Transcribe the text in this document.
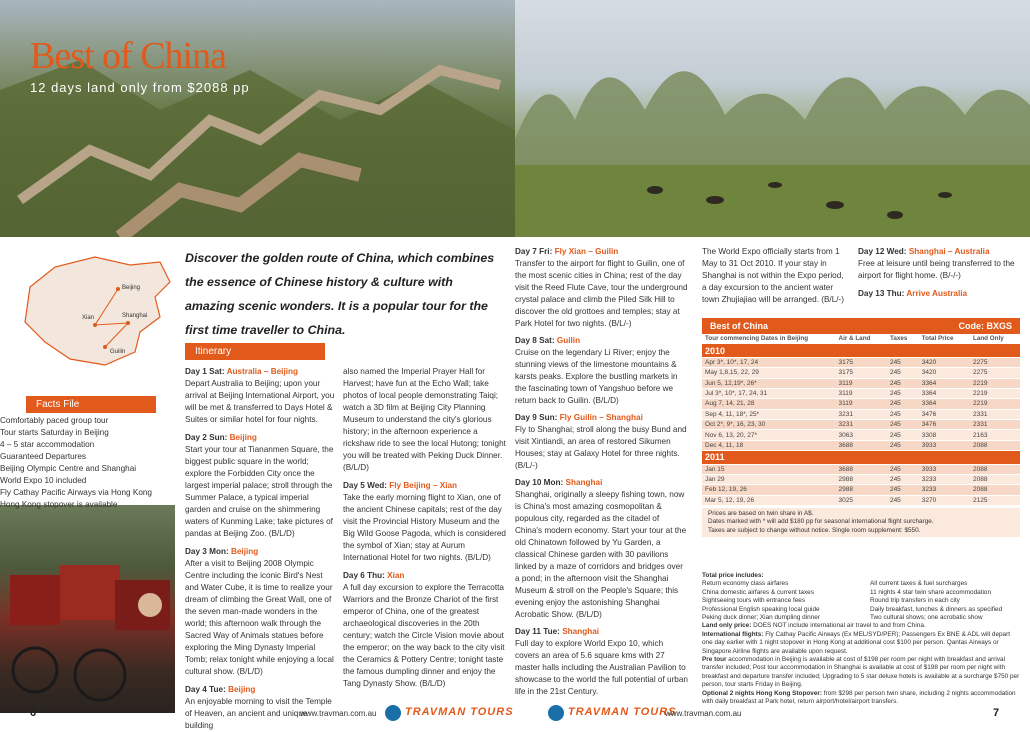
Best of China
12 days land only from $2088 pp
Beijing
Xian	Shanghai
Guilin
Discover the golden route of China, which combines the essence of Chinese history & culture with amazing scenic wonders. It is a popular tour for the first time traveller to China.
Facts File
Comfortably paced group tour
Tour starts Saturday in Beijing
4 – 5 star accommodation
Guaranteed Departures
Beijing Olympic Centre and Shanghai
World Expo 10 included
Fly Cathay Pacific Airways via Hong Kong
Hong Kong stopover is available
Itinerary
Day 1 Sat: Australia – Beijing
Depart Australia to Beijing; upon your arrival at Beijing International Airport, you will be met & transferred to Days Hotel & Suites or similar hotel for four nights.
Day 2 Sun: Beijing
Start your tour at Tiananmen Square, the biggest public square in the world; explore the Forbidden City once the largest imperial palace; stroll through the Summer Palace, a typical imperial garden and cruise on the shimmering waters of Kunming Lake; take pictures of pandas at Beijing Zoo. (B/L/D)
Day 3 Mon: Beijing
After a visit to Beijing 2008 Olympic Centre including the iconic Bird's Nest and Water Cube, it is time to realize your dream of climbing the Great Wall, one of the seven man-made wonders in the world; this afternoon walk through the Sacred Way of Animals statues before exploring the Ming Dynasty Imperial Tomb; relax tonight while enjoying a local cultural show. (B/L/D)
Day 4 Tue: Beijing
An enjoyable morning to visit the Temple of Heaven, an ancient and unique building
also named the Imperial Prayer Hall for Harvest; have fun at the Echo Wall; take photos of local people demonstrating Taiqi; watch a 3D film at Beijing City Planning Museum to understand the city's glorious history; in the afternoon experience a rickshaw ride to see the local Hutong; tonight you will be treated with Peking Duck Dinner. (B/L/D)
Day 5 Wed: Fly Beijing – Xian
Take the early morning flight to Xian, one of the ancient Chinese capitals; rest of the day visit the Provincial History Museum and the Big Wild Goose Pagoda, which is considered the symbol of Xian; stay at Aurum International Hotel for two nights. (B/L/D)
Day 6 Thu: Xian
A full day excursion to explore the Terracotta Warriors and the Bronze Chariot of the first emperor of China, one of the greatest archaeological discoveries in the 20th century; watch the Circle Vision movie about the emperor; on the way back to the city visit the Ceramics & Pottery Centre; tonight taste the famous dumpling dinner and enjoy the Tang Dynasty Show. (B/L/D)
Day 7 Fri: Fly Xian – Guilin
Transfer to the airport for flight to Guilin, one of the most scenic cities in China; rest of the day visit the Reed Flute Cave, tour the underground crystal palace and climb the Piled Silk Hill to discover the old grottoes and temples; stay at Park Hotel for two nights. (B/L/-)
Day 8 Sat: Guilin
Cruise on the legendary Li River; enjoy the stunning views of the limestone mountains & karsts peaks. Explore the bustling markets in the fascinating town of Yangshuo before we return back to Guilin. (B/L/D)
Day 9 Sun: Fly Guilin – Shanghai
Fly to Shanghai; stroll along the busy Bund and visit Xintiandi, an area of restored Sikumen Houses; stay at Galaxy Hotel for three nights. (B/L/-)
Day 10 Mon: Shanghai
Shanghai, originally a sleepy fishing town, now is China's most amazing cosmopolitan & populous city, regarded as the citadel of China's modern economy. Start your tour at the old Chinatown followed by Yu Garden, a classical Chinese garden with 30 pavilions linked by a maze of corridors and bridges over a pond; in the afternoon visit the Shanghai Museum & stroll on the People's Square; this evening enjoy the astonishing Shanghai Acrobatic Show. (B/L/D)
Day 11 Tue: Shanghai
Full day to explore World Expo 10, which covers an area of 5.6 square kms with 27 master halls including the Australian Pavilion to showcase to the world the full potential of urban life in the 21st Century.
The World Expo officially starts from 1 May to 31 Oct 2010. If your stay in Shanghai is not within the Expo period, a day excursion to the ancient water town Zhujiajiao will be arranged. (B/L/-)
Day 12 Wed: Shanghai – Australia
Free at leisure until being transferred to the airport for flight home. (B/-/-)
Day 13 Thu: Arrive Australia
Best of China	Code: BXGS
Tour commencing Dates in Beijing	Air & Land	Taxes	Total Price	Land Only
2010				
Apr 3*, 10*, 17, 24	3175	245	3420	2275
May 1,8,15, 22, 29	3175	245	3420	2275
Jun 5, 12,19*, 26*	3119	245	3364	2219
Jul 3*, 10*, 17, 24, 31	3119	245	3364	2219
Aug 7, 14, 21, 28	3119	245	3364	2219
Sep 4, 11, 18*, 25*	3231	245	3476	2331
Oct 2*, 9*, 16, 23, 30	3231	245	3476	2331
Nov 6, 13, 20, 27*	3063	245	3308	2163
Dec 4, 11, 18	3688	245	3933	2088
2011				
Jan 15	3688	245	3933	2088
Jan 29	2988	245	3233	2088
Feb 12, 19, 26	2988	245	3233	2088
Mar 5, 12, 19, 26	3025	245	3270	2125
Prices are based on twin share in A$.
Dates marked with * will add $180 pp for seasonal international flight surcharge.
Taxes are subject to change without notice. Single room supplement: $550.
Total price includes:
Return economy class airfares
China domestic airfares & current taxes
Sightseeing tours with entrance fees
Professional English speaking local guide
Peking duck dinner; Xian dumpling dinner
All current taxes & fuel surcharges
11 nights 4 star twin share accommodation
Round trip transfers in each city
Daily breakfast, lunches & dinners as specified
Two cultural shows; one acrobatic show
Land only price: DOES NOT include international air travel to and from China.
International flights: Fly Cathay Pacific Airways (Ex MEL/SYD/PER); Passengers Ex BNE & ADL will depart one day earlier with 1 night stopover in Hong Kong at additional cost $100 per person. Qantas Airways or Singapore Airline flights are available upon request.
Pre tour accommodation in Beijing is available at cost of $198 per room per night with breakfast and arrival transfer included; Post tour accommodation in Shanghai is available at cost of $198 per room per night with breakfast and departure transfer included; Upgrading to 5 star deluxe hotels is available at a surcharge $750 per person, tour starts Friday in Beijing.
Optional 2 nights Hong Kong Stopover: from $298 per person twin share, including 2 nights accommodation with daily breakfast at Park hotel, return airport/hotel/airport transfers.
6	www.travman.com.au	TRAVMAN TOURS	TRAVMAN TOURS
www.travman.com.au	7
